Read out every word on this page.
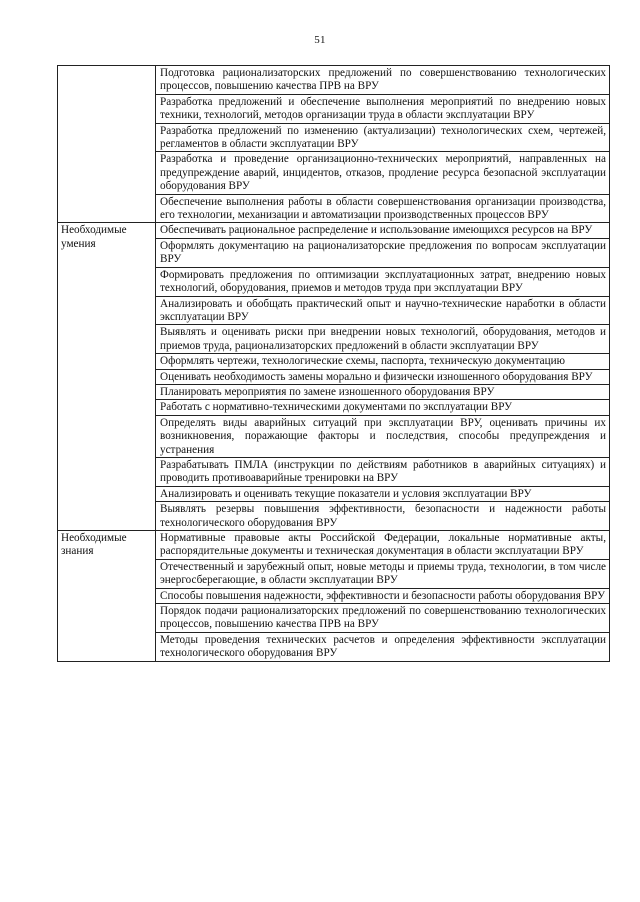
51
	Подготовка рационализаторских предложений по совершенствованию технологических процессов, повышению качества ПРВ на ВРУ
	Разработка предложений и обеспечение выполнения мероприятий по внедрению новых техники, технологий, методов организации труда в области эксплуатации ВРУ
	Разработка предложений по изменению (актуализации) технологических схем, чертежей, регламентов в области эксплуатации ВРУ
	Разработка и проведение организационно-технических мероприятий, направленных на предупреждение аварий, инцидентов, отказов, продление ресурса безопасной эксплуатации оборудования ВРУ
	Обеспечение выполнения работы в области совершенствования организации производства, его технологии, механизации и автоматизации производственных процессов ВРУ
Необходимые умения	Обеспечивать рациональное распределение и использование имеющихся ресурсов на ВРУ
	Оформлять документацию на рационализаторские предложения по вопросам эксплуатации ВРУ
	Формировать предложения по оптимизации эксплуатационных затрат, внедрению новых технологий, оборудования, приемов и методов труда при эксплуатации ВРУ
	Анализировать и обобщать практический опыт и научно-технические наработки в области эксплуатации ВРУ
	Выявлять и оценивать риски при внедрении новых технологий, оборудования, методов и приемов труда, рационализаторских предложений в области эксплуатации ВРУ
	Оформлять чертежи, технологические схемы, паспорта, техническую документацию
	Оценивать необходимость замены морально и физически изношенного оборудования ВРУ
	Планировать мероприятия по замене изношенного оборудования ВРУ
	Работать с нормативно-техническими документами по эксплуатации ВРУ
	Определять виды аварийных ситуаций при эксплуатации ВРУ, оценивать причины их возникновения, поражающие факторы и последствия, способы предупреждения и устранения
	Разрабатывать ПМЛА (инструкции по действиям работников в аварийных ситуациях) и проводить противоаварийные тренировки на ВРУ
	Анализировать и оценивать текущие показатели и условия эксплуатации ВРУ
	Выявлять резервы повышения эффективности, безопасности и надежности работы технологического оборудования ВРУ
Необходимые знания	Нормативные правовые акты Российской Федерации, локальные нормативные акты, распорядительные документы и техническая документация в области эксплуатации ВРУ
	Отечественный и зарубежный опыт, новые методы и приемы труда, технологии, в том числе энергосберегающие, в области эксплуатации ВРУ
	Способы повышения надежности, эффективности и безопасности работы оборудования ВРУ
	Порядок подачи рационализаторских предложений по совершенствованию технологических процессов, повышению качества ПРВ на ВРУ
	Методы проведения технических расчетов и определения эффективности эксплуатации технологического оборудования ВРУ
